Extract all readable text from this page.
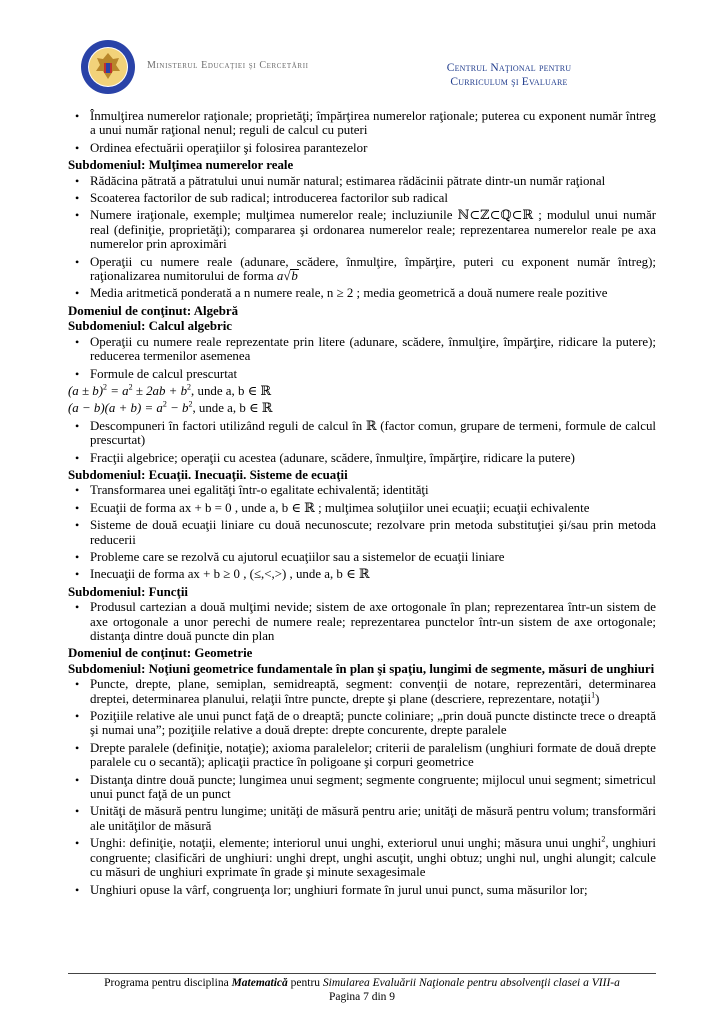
Ministerul Educaţiei şi Cercetării	Centrul Naţional pentru
Curriculum şi Evaluare
• Înmulţirea numerelor raţionale; proprietăţi; împărţirea numerelor raţionale; puterea cu exponent număr întreg a unui număr raţional nenul; reguli de calcul cu puteri
• Ordinea efectuării operaţiilor şi folosirea parantezelor
Subdomeniul: Mulţimea numerelor reale
• Rădăcina pătrată a pătratului unui număr natural; estimarea rădăcinii pătrate dintr-un număr raţional
• Scoaterea factorilor de sub radical; introducerea factorilor sub radical
• Numere iraţionale, exemple; mulţimea numerelor reale; incluziunile ℕ⊂ℤ⊂ℚ⊂ℝ ; modulul unui număr real (definiţie, proprietăţi); compararea şi ordonarea numerelor reale; reprezentarea numerelor reale pe axa numerelor prin aproximări
• Operaţii cu numere reale (adunare, scădere, înmulţire, împărţire, puteri cu exponent număr întreg); raţionalizarea numitorului de forma a√b
• Media aritmetică ponderată a n numere reale, n ≥ 2 ; media geometrică a două numere reale pozitive
Domeniul de conţinut: Algebră
Subdomeniul: Calcul algebric
• Operaţii cu numere reale reprezentate prin litere (adunare, scădere, înmulţire, împărţire, ridicare la putere); reducerea termenilor asemenea
• Formule de calcul prescurtat
$(a \pm b)^2 = a^2 \pm 2ab + b^2$, unde a, b ∈ ℝ
$(a - b)(a + b) = a^2 - b^2$, unde a, b ∈ ℝ
• Descompuneri în factori utilizând reguli de calcul în ℝ (factor comun, grupare de termeni, formule de calcul prescurtat)
• Fracţii algebrice; operaţii cu acestea (adunare, scădere, înmulţire, împărţire, ridicare la putere)
Subdomeniul: Ecuaţii. Inecuaţii. Sisteme de ecuaţii
• Transformarea unei egalităţi într-o egalitate echivalentă; identităţi
• Ecuaţii de forma ax + b = 0 , unde a, b ∈ ℝ ; mulţimea soluţiilor unei ecuaţii; ecuaţii echivalente
• Sisteme de două ecuaţii liniare cu două necunoscute; rezolvare prin metoda substituţiei şi/sau prin metoda reducerii
• Probleme care se rezolvă cu ajutorul ecuaţiilor sau a sistemelor de ecuaţii liniare
• Inecuaţii de forma ax + b ≥ 0 , (≤,<,>) , unde a, b ∈ ℝ
Subdomeniul: Funcţii
• Produsul cartezian a două mulţimi nevide; sistem de axe ortogonale în plan; reprezentarea într-un sistem de axe ortogonale a unor perechi de numere reale; reprezentarea punctelor într-un sistem de axe ortogonale; distanţa dintre două puncte din plan
Domeniul de conţinut: Geometrie
Subdomeniul: Noţiuni geometrice fundamentale în plan şi spaţiu, lungimi de segmente, măsuri de unghiuri
• Puncte, drepte, plane, semiplan, semidreaptă, segment: convenţii de notare, reprezentări, determinarea dreptei, determinarea planului, relaţii între puncte, drepte şi plane (descriere, reprezentare, notaţii$^1$)
• Poziţiile relative ale unui punct faţă de o dreaptă; puncte coliniare; „prin două puncte distincte trece o dreaptă şi numai una”; poziţiile relative a două drepte: drepte concurente, drepte paralele
• Drepte paralele (definiţie, notaţie); axioma paralelelor; criterii de paralelism (unghiuri formate de două drepte paralele cu o secantă); aplicaţii practice în poligoane şi corpuri geometrice
• Distanţa dintre două puncte; lungimea unui segment; segmente congruente; mijlocul unui segment; simetricul unui punct faţă de un punct
• Unităţi de măsură pentru lungime; unităţi de măsură pentru arie; unităţi de măsură pentru volum; transformări ale unităţilor de măsură
• Unghi: definiţie, notaţii, elemente; interiorul unui unghi, exteriorul unui unghi; măsura unui unghi$^2$, unghiuri congruente; clasificări de unghiuri: unghi drept, unghi ascuţit, unghi obtuz; unghi nul, unghi alungit; calcule cu măsuri de unghiuri exprimate în grade şi minute sexagesimale
• Unghiuri opuse la vârf, congruenţa lor; unghiuri formate în jurul unui punct, suma măsurilor lor;
Programa pentru disciplina Matematică pentru Simularea Evaluării Naţionale pentru absolvenţii clasei a VIII-a
Pagina 7 din 9
